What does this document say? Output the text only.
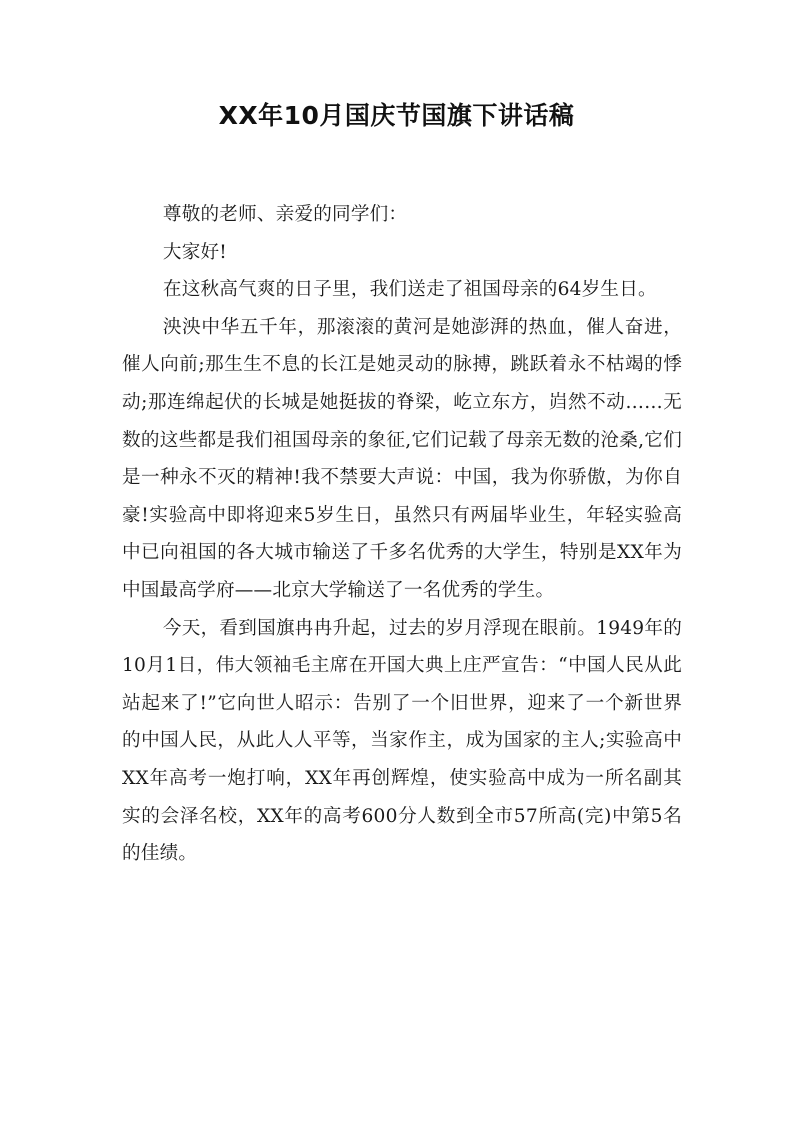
XX年10月国庆节国旗下讲话稿

尊敬的老师、亲爱的同学们：

大家好!

在这秋高气爽的日子里，我们送走了祖国母亲的64岁生日。

泱泱中华五千年，那滚滚的黄河是她澎湃的热血，催人奋进，催人向前;那生生不息的长江是她灵动的脉搏，跳跃着永不枯竭的悸动;那连绵起伏的长城是她挺拔的脊梁，屹立东方，岿然不动……无数的这些都是我们祖国母亲的象征,它们记载了母亲无数的沧桑,它们是一种永不灭的精神!我不禁要大声说：中国，我为你骄傲，为你自豪!实验高中即将迎来5岁生日，虽然只有两届毕业生，年轻实验高中已向祖国的各大城市输送了千多名优秀的大学生，特别是XX年为中国最高学府——北京大学输送了一名优秀的学生。

今天，看到国旗冉冉升起，过去的岁月浮现在眼前。1949年的10月1日，伟大领袖毛主席在开国大典上庄严宣告：“中国人民从此站起来了!”它向世人昭示：告别了一个旧世界，迎来了一个新世界的中国人民，从此人人平等，当家作主，成为国家的主人;实验高中XX年高考一炮打响，XX年再创辉煌，使实验高中成为一所名副其实的会泽名校，XX年的高考600分人数到全市57所高(完)中第5名的佳绩。
